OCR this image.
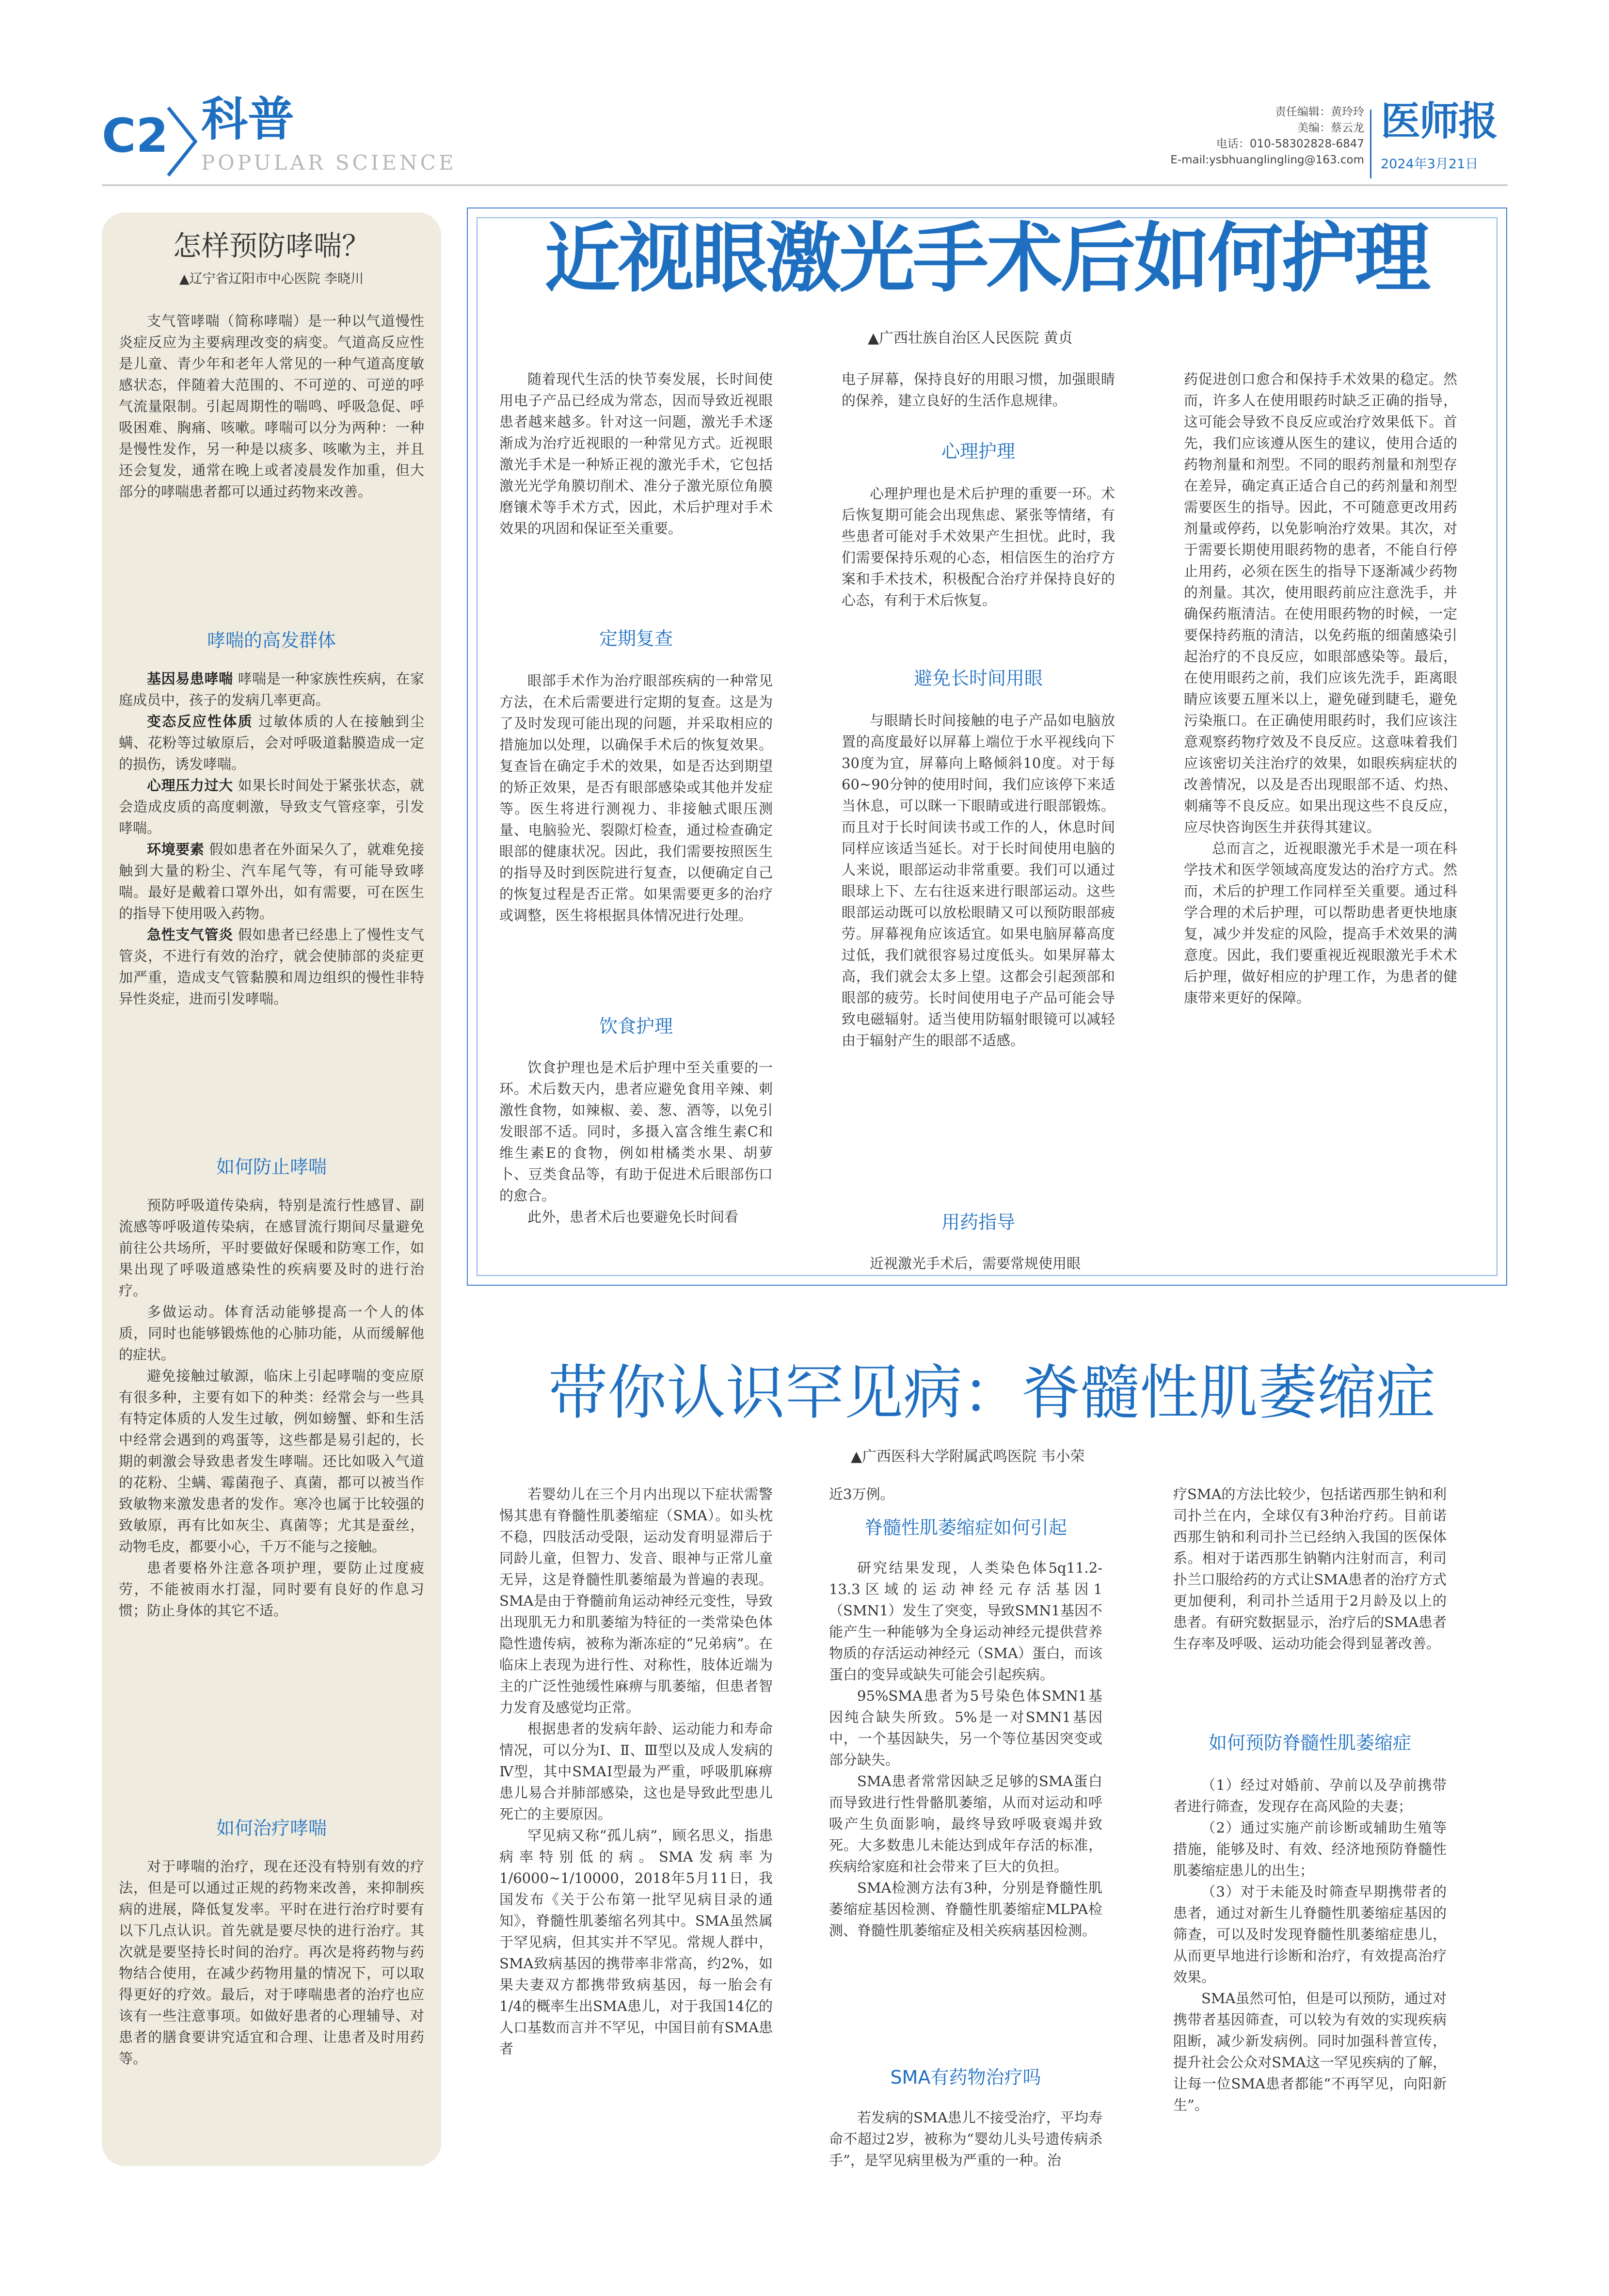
C2 科普
POPULAR SCIENCE
责任编辑：黄玲玲
美编：蔡云龙
电话：010-58302828-6847
E-mail:ysbhuanglingling@163.com
医师报
2024年3月21日
怎样预防哮喘？
▲辽宁省辽阳市中心医院 李晓川

支气管哮喘（简称哮喘）是一种以气道慢性炎症反应为主要病理改变的病变。气道高反应性是儿童、青少年和老年人常见的一种气道高度敏感状态，伴随着大范围的、不可逆的、可逆的呼气流量限制。引起周期性的喘鸣、呼吸急促、呼吸困难、胸痛、咳嗽。哮喘可以分为两种：一种是慢性发作，另一种是以痰多、咳嗽为主，并且还会复发，通常在晚上或者凌晨发作加重，但大部分的哮喘患者都可以通过药物来改善。

哮喘的高发群体

基因易患哮喘 哮喘是一种家族性疾病，在家庭成员中，孩子的发病几率更高。

变态反应性体质 过敏体质的人在接触到尘螨、花粉等过敏原后，会对呼吸道黏膜造成一定的损伤，诱发哮喘。

心理压力过大 如果长时间处于紧张状态，就会造成皮质的高度刺激，导致支气管痉挛，引发哮喘。

环境要素 假如患者在外面呆久了，就难免接触到大量的粉尘、汽车尾气等，有可能导致哮喘。最好是戴着口罩外出，如有需要，可在医生的指导下使用吸入药物。

急性支气管炎 假如患者已经患上了慢性支气管炎，不进行有效的治疗，就会使肺部的炎症更加严重，造成支气管黏膜和周边组织的慢性非特异性炎症，进而引发哮喘。

如何防止哮喘

预防呼吸道传染病，特别是流行性感冒、副流感等呼吸道传染病，在感冒流行期间尽量避免前往公共场所，平时要做好保暖和防寒工作，如果出现了呼吸道感染性的疾病要及时的进行治疗。

多做运动。体育活动能够提高一个人的体质，同时也能够锻炼他的心肺功能，从而缓解他的症状。

避免接触过敏源，临床上引起哮喘的变应原有很多种，主要有如下的种类：经常会与一些具有特定体质的人发生过敏，例如螃蟹、虾和生活中经常会遇到的鸡蛋等，这些都是易引起的，长期的刺激会导致患者发生哮喘。还比如吸入气道的花粉、尘螨、霉菌孢子、真菌，都可以被当作致敏物来激发患者的发作。寒冷也属于比较强的致敏原，再有比如灰尘、真菌等；尤其是蚕丝，动物毛皮，都要小心，千万不能与之接触。

患者要格外注意各项护理，要防止过度疲劳，不能被雨水打湿，同时要有良好的作息习惯；防止身体的其它不适。

如何治疗哮喘

对于哮喘的治疗，现在还没有特别有效的疗法，但是可以通过正规的药物来改善，来抑制疾病的进展，降低复发率。平时在进行治疗时要有以下几点认识。首先就是要尽快的进行治疗。其次就是要坚持长时间的治疗。再次是将药物与药物结合使用，在减少药物用量的情况下，可以取得更好的疗效。最后，对于哮喘患者的治疗也应该有一些注意事项。如做好患者的心理辅导、对患者的膳食要讲究适宜和合理、让患者及时用药等。

近视眼激光手术后如何护理
▲广西壮族自治区人民医院 黄贞

随着现代生活的快节奏发展，长时间使用电子产品已经成为常态，因而导致近视眼患者越来越多。针对这一问题，激光手术逐渐成为治疗近视眼的一种常见方式。近视眼激光手术是一种矫正视的激光手术，它包括激光光学角膜切削术、准分子激光原位角膜磨镶术等手术方式，因此，术后护理对手术效果的巩固和保证至关重要。

定期复查

眼部手术作为治疗眼部疾病的一种常见方法，在术后需要进行定期的复查。这是为了及时发现可能出现的问题，并采取相应的措施加以处理，以确保手术后的恢复效果。复查旨在确定手术的效果，如是否达到期望的矫正效果，是否有眼部感染或其他并发症等。医生将进行测视力、非接触式眼压测量、电脑验光、裂隙灯检查，通过检查确定眼部的健康状况。因此，我们需要按照医生的指导及时到医院进行复查，以便确定自己的恢复过程是否正常。如果需要更多的治疗或调整，医生将根据具体情况进行处理。

饮食护理

饮食护理也是术后护理中至关重要的一环。术后数天内，患者应避免食用辛辣、刺激性食物，如辣椒、姜、葱、酒等，以免引发眼部不适。同时，多摄入富含维生素C和维生素E的食物，例如柑橘类水果、胡萝卜、豆类食品等，有助于促进术后眼部伤口的愈合。

此外，患者术后也要避免长时间看

电子屏幕，保持良好的用眼习惯，加强眼睛的保养，建立良好的生活作息规律。

心理护理

心理护理也是术后护理的重要一环。术后恢复期可能会出现焦虑、紧张等情绪，有些患者可能对手术效果产生担忧。此时，我们需要保持乐观的心态，相信医生的治疗方案和手术技术，积极配合治疗并保持良好的心态，有利于术后恢复。

避免长时间用眼

与眼睛长时间接触的电子产品如电脑放置的高度最好以屏幕上端位于水平视线向下30度为宜，屏幕向上略倾斜10度。对于每60~90分钟的使用时间，我们应该停下来适当休息，可以眯一下眼睛或进行眼部锻炼。而且对于长时间读书或工作的人，休息时间同样应该适当延长。对于长时间使用电脑的人来说，眼部运动非常重要。我们可以通过眼球上下、左右往返来进行眼部运动。这些眼部运动既可以放松眼睛又可以预防眼部疲劳。屏幕视角应该适宜。如果电脑屏幕高度过低，我们就很容易过度低头。如果屏幕太高，我们就会太多上望。这都会引起颈部和眼部的疲劳。长时间使用电子产品可能会导致电磁辐射。适当使用防辐射眼镜可以减轻由于辐射产生的眼部不适感。

用药指导

近视激光手术后，需要常规使用眼

药促进创口愈合和保持手术效果的稳定。然而，许多人在使用眼药时缺乏正确的指导，这可能会导致不良反应或治疗效果低下。首先，我们应该遵从医生的建议，使用合适的药物剂量和剂型。不同的眼药剂量和剂型存在差异，确定真正适合自己的药剂量和剂型需要医生的指导。因此，不可随意更改用药剂量或停药，以免影响治疗效果。其次，对于需要长期使用眼药物的患者，不能自行停止用药，必须在医生的指导下逐渐减少药物的剂量。其次，使用眼药前应注意洗手，并确保药瓶清洁。在使用眼药物的时候，一定要保持药瓶的清洁，以免药瓶的细菌感染引起治疗的不良反应，如眼部感染等。最后，在使用眼药之前，我们应该先洗手，距离眼睛应该要五厘米以上，避免碰到睫毛，避免污染瓶口。在正确使用眼药时，我们应该注意观察药物疗效及不良反应。这意味着我们应该密切关注治疗的效果，如眼疾病症状的改善情况，以及是否出现眼部不适、灼热、刺痛等不良反应。如果出现这些不良反应，应尽快咨询医生并获得其建议。

总而言之，近视眼激光手术是一项在科学技术和医学领域高度发达的治疗方式。然而，术后的护理工作同样至关重要。通过科学合理的术后护理，可以帮助患者更快地康复，减少并发症的风险，提高手术效果的满意度。因此，我们要重视近视眼激光手术术后护理，做好相应的护理工作，为患者的健康带来更好的保障。

带你认识罕见病：脊髓性肌萎缩症
▲广西医科大学附属武鸣医院 韦小荣

若婴幼儿在三个月内出现以下症状需警惕其患有脊髓性肌萎缩症（SMA）。如头枕不稳，四肢活动受限，运动发育明显滞后于同龄儿童，但智力、发音、眼神与正常儿童无异，这是脊髓性肌萎缩最为普遍的表现。SMA是由于脊髓前角运动神经元变性，导致出现肌无力和肌萎缩为特征的一类常染色体隐性遗传病，被称为渐冻症的“兄弟病”。在临床上表现为进行性、对称性，肢体近端为主的广泛性弛缓性麻痹与肌萎缩，但患者智力发育及感觉均正常。

根据患者的发病年龄、运动能力和寿命情况，可以分为Ⅰ、Ⅱ、Ⅲ型以及成人发病的Ⅳ型，其中SMAⅠ型最为严重，呼吸肌麻痹患儿易合并肺部感染，这也是导致此型患儿死亡的主要原因。

罕见病又称“孤儿病”，顾名思义，指患病率特别低的病。SMA发病率为1/6000~1/10000，2018年5月11日，我国发布《关于公布第一批罕见病目录的通知》，脊髓性肌萎缩名列其中。SMA虽然属于罕见病，但其实并不罕见。常规人群中，SMA致病基因的携带率非常高，约2%，如果夫妻双方都携带致病基因，每一胎会有1/4的概率生出SMA患儿，对于我国14亿的人口基数而言并不罕见，中国目前有SMA患者

近3万例。

脊髓性肌萎缩症如何引起

研究结果发现，人类染色体5q11.2-13.3区域的运动神经元存活基因1（SMN1）发生了突变，导致SMN1基因不能产生一种能够为全身运动神经元提供营养物质的存活运动神经元（SMA）蛋白，而该蛋白的变异或缺失可能会引起疾病。

95%SMA患者为5号染色体SMN1基因纯合缺失所致。5%是一对SMN1基因中，一个基因缺失，另一个等位基因突变或部分缺失。

SMA患者常常因缺乏足够的SMA蛋白而导致进行性骨骼肌萎缩，从而对运动和呼吸产生负面影响，最终导致呼吸衰竭并致死。大多数患儿未能达到成年存活的标准，疾病给家庭和社会带来了巨大的负担。

SMA检测方法有3种，分别是脊髓性肌萎缩症基因检测、脊髓性肌萎缩症MLPA检测、脊髓性肌萎缩症及相关疾病基因检测。

SMA有药物治疗吗

若发病的SMA患儿不接受治疗，平均寿命不超过2岁，被称为“婴幼儿头号遗传病杀手”，是罕见病里极为严重的一种。治

疗SMA的方法比较少，包括诺西那生钠和利司扑兰在内，全球仅有3种治疗药。目前诺西那生钠和利司扑兰已经纳入我国的医保体系。相对于诺西那生钠鞘内注射而言，利司扑兰口服给药的方式让SMA患者的治疗方式更加便利，利司扑兰适用于2月龄及以上的患者。有研究数据显示，治疗后的SMA患者生存率及呼吸、运动功能会得到显著改善。

如何预防脊髓性肌萎缩症

（1）经过对婚前、孕前以及孕前携带者进行筛查，发现存在高风险的夫妻；

（2）通过实施产前诊断或辅助生殖等措施，能够及时、有效、经济地预防脊髓性肌萎缩症患儿的出生；

（3）对于未能及时筛查早期携带者的患者，通过对新生儿脊髓性肌萎缩症基因的筛查，可以及时发现脊髓性肌萎缩症患儿，从而更早地进行诊断和治疗，有效提高治疗效果。

SMA虽然可怕，但是可以预防，通过对携带者基因筛查，可以较为有效的实现疾病阻断，减少新发病例。同时加强科普宣传，提升社会公众对SMA这一罕见疾病的了解，让每一位SMA患者都能“不再罕见，向阳新生”。
